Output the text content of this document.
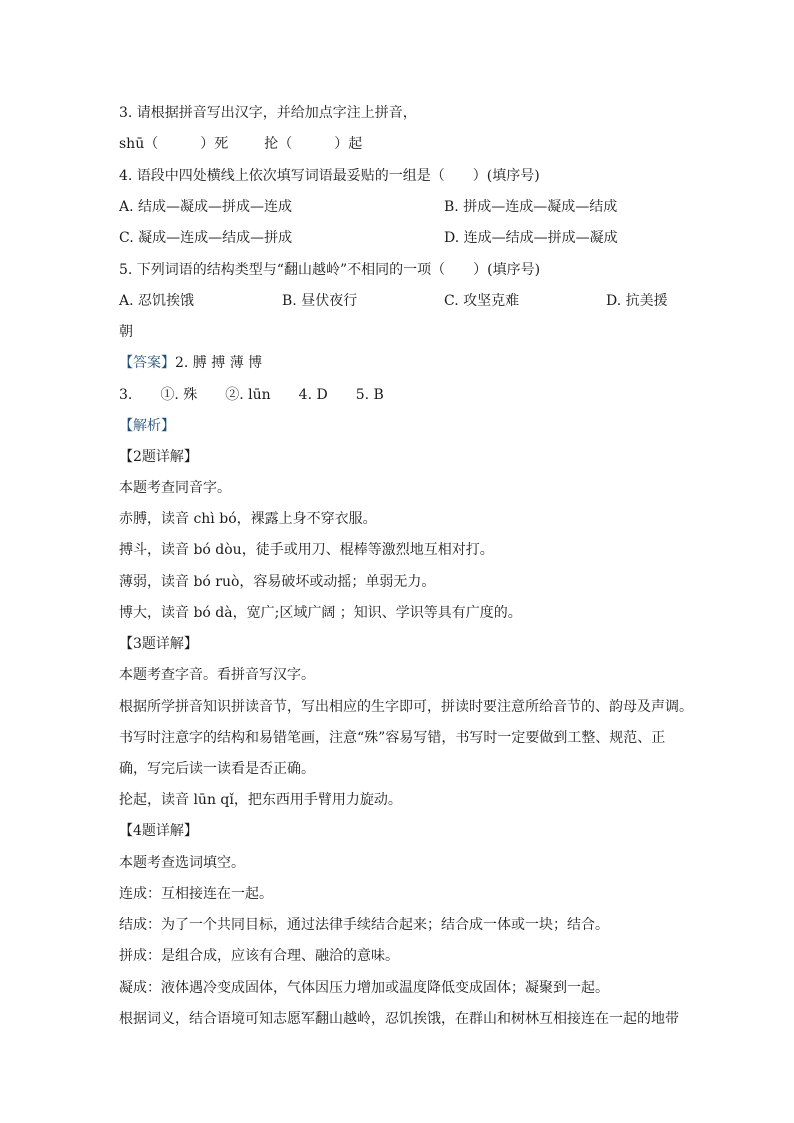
3. 请根据拼音写出汉字，并给加点字注上拼音，
shū（　　　）死	抡（　　　）起
4. 语段中四处横线上依次填写词语最妥贴的一组是（　　）(填序号)
A. 结成—凝成—拼成—连成	B. 拼成—连成—凝成—结成
C. 凝成—连成—结成—拼成	D. 连成—结成—拼成—凝成
5. 下列词语的结构类型与“翻山越岭”不相同的一项（　　）(填序号)
A. 忍饥挨饿	B. 昼伏夜行	C. 攻坚克难	D. 抗美援
朝
【答案】2. 膊 搏 薄 博
3.　　①. 殊　　②. lūn　　4. D　　5. B
【解析】
【2题详解】
本题考查同音字。
赤膊，读音 chì bó，裸露上身不穿衣服。
搏斗，读音 bó dòu，徒手或用刀、棍棒等激烈地互相对打。
薄弱，读音 bó ruò，容易破坏或动摇；单弱无力。
博大，读音 bó dà，宽广;区域广阔 ；知识、学识等具有广度的。
【3题详解】
本题考查字音。看拼音写汉字。
根据所学拼音知识拼读音节，写出相应的生字即可，拼读时要注意所给音节的、韵母及声调。
书写时注意字的结构和易错笔画，注意“殊”容易写错，书写时一定要做到工整、规范、正
确，写完后读一读看是否正确。
抡起，读音 lūn qǐ，把东西用手臂用力旋动。
【4题详解】
本题考查选词填空。
连成：互相接连在一起。
结成：为了一个共同目标，通过法律手续结合起来；结合成一体或一块；结合。
拼成：是组合成，应该有合理、融洽的意味。
凝成：液体遇冷变成固体，气体因压力增加或温度降低变成固体；凝聚到一起。
根据词义，结合语境可知志愿军翻山越岭，忍饥挨饿，在群山和树林互相接连在一起的地带
